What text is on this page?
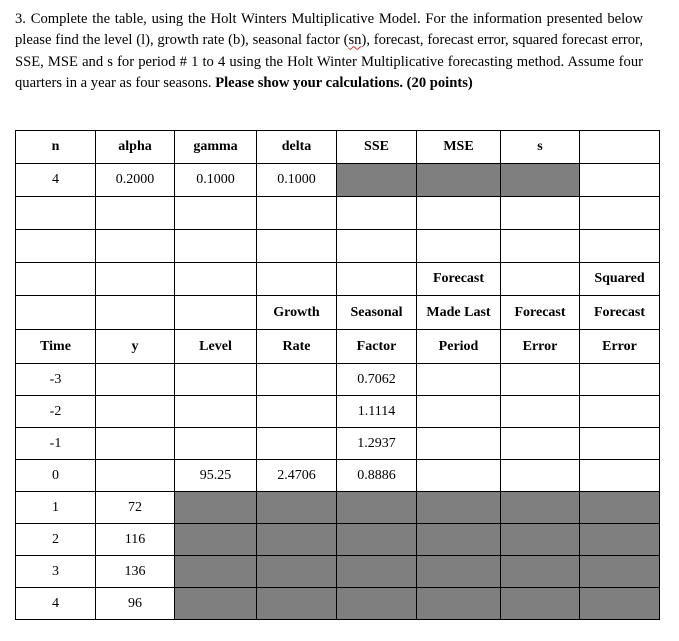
3. Complete the table, using the Holt Winters Multiplicative Model. For the information presented below please find the level (l), growth rate (b), seasonal factor (sn), forecast, forecast error, squared forecast error, SSE, MSE and s for period # 1 to 4 using the Holt Winter Multiplicative forecasting method. Assume four quarters in a year as four seasons. Please show your calculations. (20 points)

n	alpha	gamma	delta	SSE	MSE	s	
4	0.2000	0.1000	0.1000				

					Forecast		Squared
			Growth	Seasonal	Made Last	Forecast	Forecast
Time	y	Level	Rate	Factor	Period	Error	Error
-3				0.7062			
-2				1.1114			
-1				1.2937			
0		95.25	2.4706	0.8886			
1	72						
2	116						
3	136						
4	96						
